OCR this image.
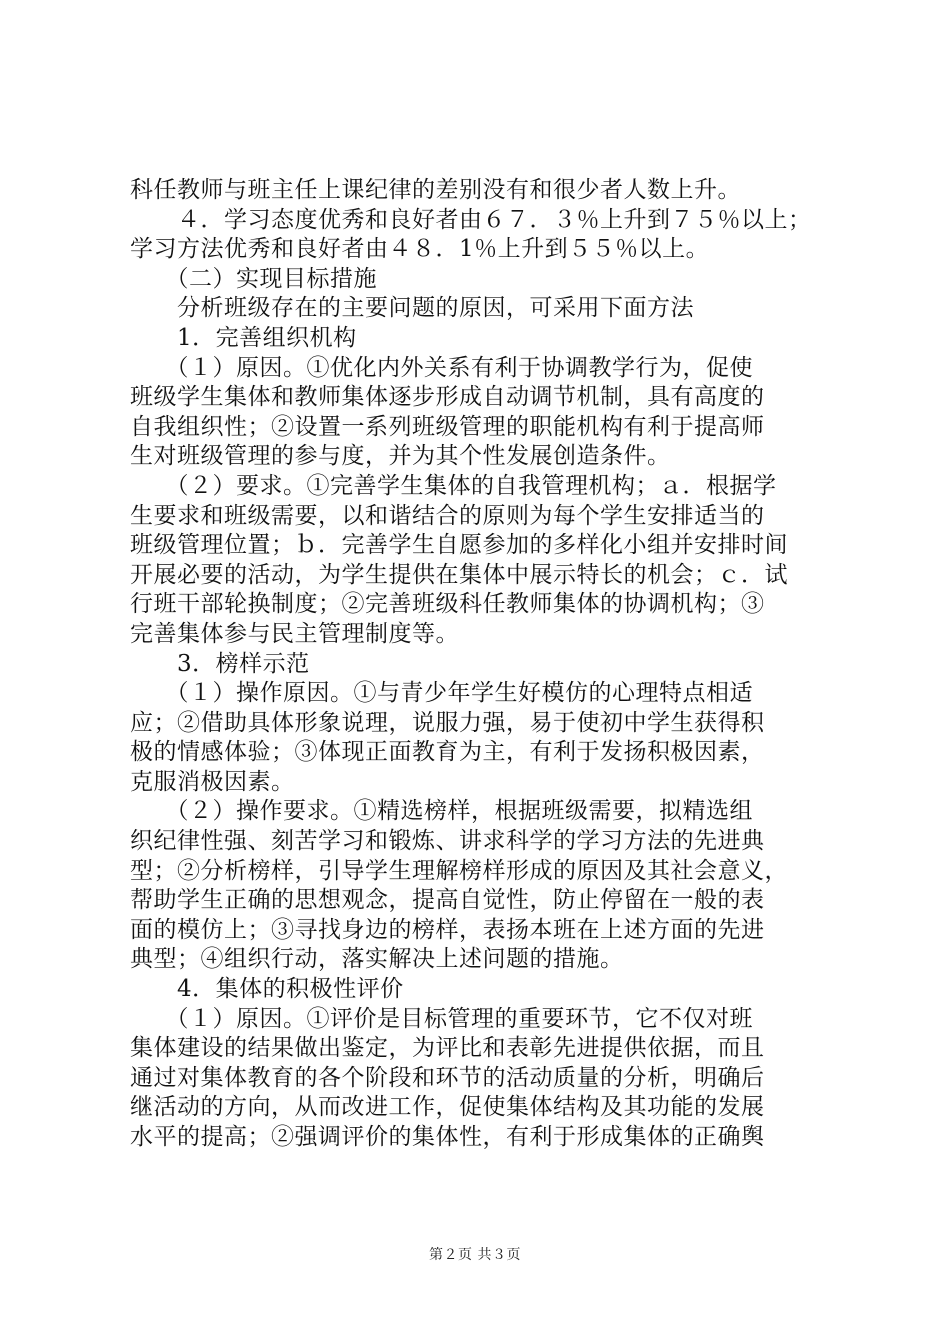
科任教师与班主任上课纪律的差别没有和很少者人数上升。
　　４．学习态度优秀和良好者由６７．３％上升到７５％以上；
学习方法优秀和良好者由４８．1％上升到５５％以上。
　　（二）实现目标措施
　　分析班级存在的主要问题的原因，可采用下面方法
　　1．完善组织机构
　　（１）原因。①优化内外关系有利于协调教学行为，促使
班级学生集体和教师集体逐步形成自动调节机制，具有高度的
自我组织性；②设置一系列班级管理的职能机构有利于提高师
生对班级管理的参与度，并为其个性发展创造条件。
　　（２）要求。①完善学生集体的自我管理机构；ａ．根据学
生要求和班级需要，以和谐结合的原则为每个学生安排适当的
班级管理位置；ｂ．完善学生自愿参加的多样化小组并安排时间
开展必要的活动，为学生提供在集体中展示特长的机会；ｃ．试
行班干部轮换制度；②完善班级科任教师集体的协调机构；③
完善集体参与民主管理制度等。
　　3．榜样示范
　　（１）操作原因。①与青少年学生好模仿的心理特点相适
应；②借助具体形象说理，说服力强，易于使初中学生获得积
极的情感体验；③体现正面教育为主，有利于发扬积极因素，
克服消极因素。
　　（２）操作要求。①精选榜样，根据班级需要，拟精选组
织纪律性强、刻苦学习和锻炼、讲求科学的学习方法的先进典
型；②分析榜样，引导学生理解榜样形成的原因及其社会意义，
帮助学生正确的思想观念，提高自觉性，防止停留在一般的表
面的模仿上；③寻找身边的榜样，表扬本班在上述方面的先进
典型；④组织行动，落实解决上述问题的措施。
　　4．集体的积极性评价
　　（１）原因。①评价是目标管理的重要环节，它不仅对班
集体建设的结果做出鉴定，为评比和表彰先进提供依据，而且
通过对集体教育的各个阶段和环节的活动质量的分析，明确后
继活动的方向，从而改进工作，促使集体结构及其功能的发展
水平的提高；②强调评价的集体性，有利于形成集体的正确舆
第２页 共３页
